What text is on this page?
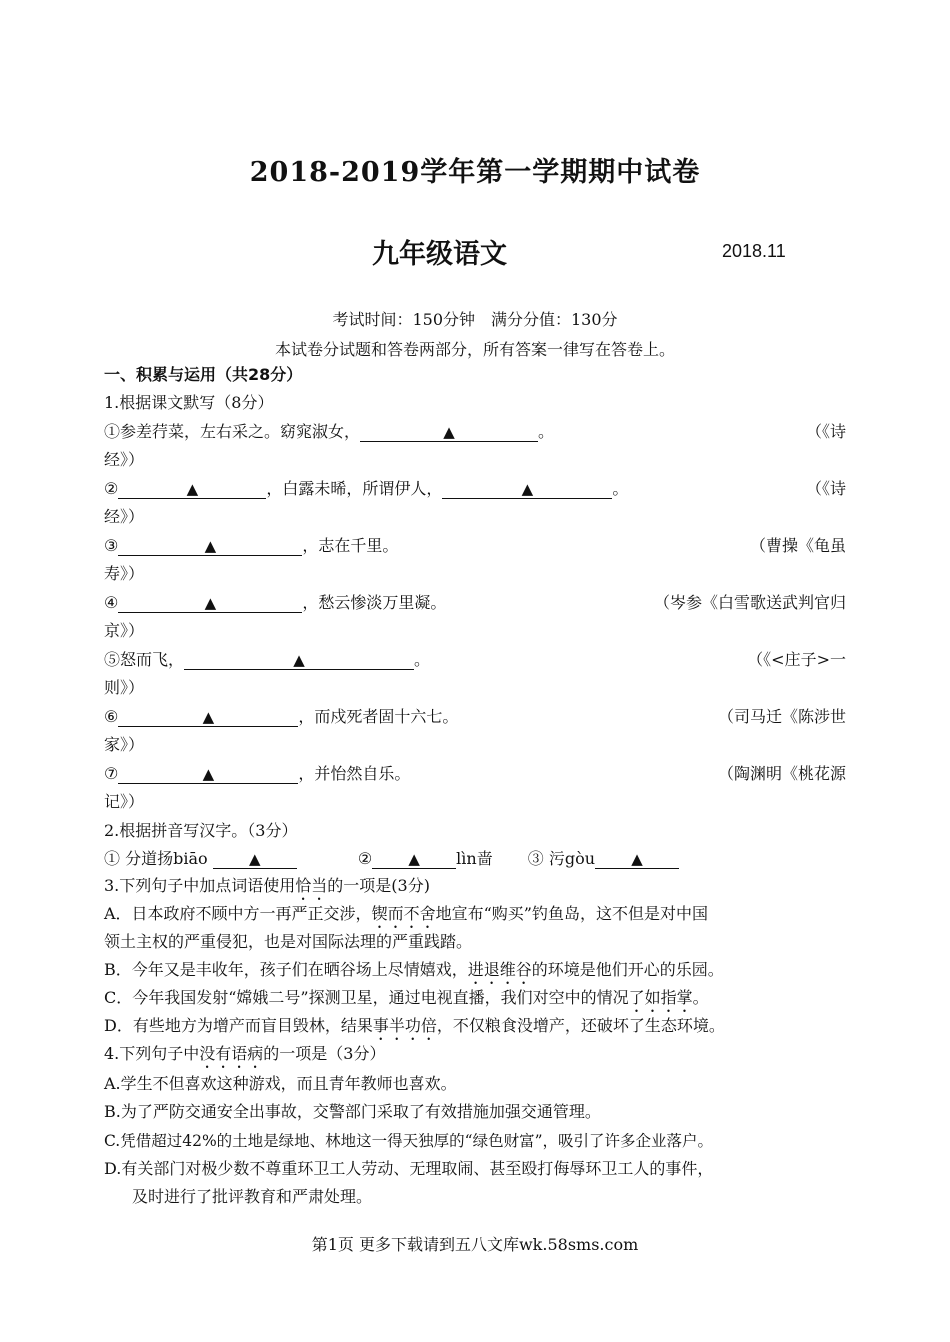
2018-2019学年第一学期期中试卷
九年级语文	2018.11
考试时间：150分钟　满分分值：130分
本试卷分试题和答卷两部分，所有答案一律写在答卷上。
一、积累与运用（共28分）
1.根据课文默写（8分）
①参差荇菜，左右采之。窈窕淑女，	▲	。	（《诗
经》）
②	▲	，白露未晞，所谓伊人，	▲	。	（《诗
经》）
③	▲	，志在千里。	（曹操《龟虽
寿》）
④	▲	，愁云惨淡万里凝。	（岑参《白雪歌送武判官归
京》）
⑤怒而飞，	▲	。	（《<庄子>一
则》）
⑥	▲	，而戍死者固十六七。	（司马迁《陈涉世
家》）
⑦	▲	，并怡然自乐。	（陶渊明《桃花源
记》）
2.根据拼音写汉字。（3分）
① 分道扬biāo ▲	② ▲ lìn啬 ③ 污gòu ▲
3.下列句子中加点词语使用恰当的一项是(3分)
A．日本政府不顾中方一再严正交涉，锲而不舍地宣布“购买”钓鱼岛，这不但是对中国
领土主权的严重侵犯，也是对国际法理的严重践踏。
B．今年又是丰收年，孩子们在晒谷场上尽情嬉戏，进退维谷的环境是他们开心的乐园。
C．今年我国发射“嫦娥二号”探测卫星，通过电视直播，我们对空中的情况了如指掌。
D．有些地方为增产而盲目毁林，结果事半功倍，不仅粮食没增产，还破坏了生态环境。
4.下列句子中没有语病的一项是（3分）
A.学生不但喜欢这种游戏，而且青年教师也喜欢。
B.为了严防交通安全出事故，交警部门采取了有效措施加强交通管理。
C.凭借超过42%的土地是绿地、林地这一得天独厚的“绿色财富”，吸引了许多企业落户。
D.有关部门对极少数不尊重环卫工人劳动、无理取闹、甚至殴打侮辱环卫工人的事件，
及时进行了批评教育和严肃处理。
第1页 更多下载请到五八文库wk.58sms.com
